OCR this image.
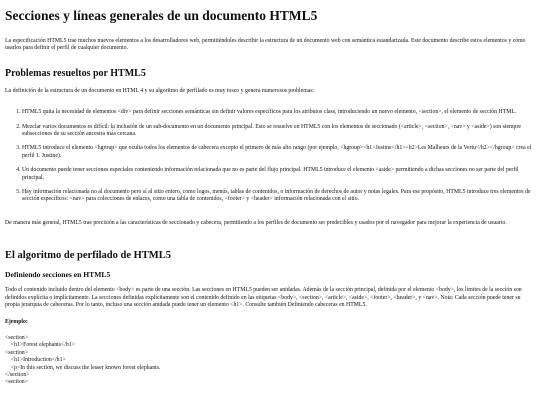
Secciones y líneas generales de un documento HTML5

La especificación HTML5 trae muchos nuevos elementos a los desarrolladores web, permitiéndoles describir la estructura de un documento web con semántica estandarizada. Este documento describe estos elementos y cómo usarlos para definir el perfil de cualquier documento.

Problemas resueltos por HTML5

La definición de la estructura de un documento en HTML 4 y su algoritmo de perfilado es muy tosco y genera numerosos problemas:

1. HTML5 quita la necesidad de elementos <div> para definir secciones semánticas sin definir valores específicos para los atributos class, introduciendo un nuevo elemento, <section>, el elemento de sección HTML.
2. Mezclar varios documentos es difícil: la inclusión de un sub-documento en un documento principal. Esto se resuelve en HTML5 con los elementos de seccionado (<article>, <section>, <nav> y <aside>) son siempre subsecciones de su sección ancestra más cercana.
3. HTML5 introduce el elemento <hgroup> que oculta todos los elementos de cabecera excepto el primero de más alto rango (por ejemplo, <hgroup><h1>Justine</h1><h2>Les Malheurs de la Vertu</h2></hgroup> crea el perfil 1. Justine).
4. Un documento puede tener secciones especiales conteniendo información relacionada que no es parte del flujo principal. HTML5 introduce el elemento <aside> permitiendo a dichas secciones no ser parte del perfil principal.
5. Hay información relacionada no al documento pero sí al sitio entero, como logos, menús, tablas de contenidos, o información de derechos de autor y notas legales. Para ese propósito, HTML5 introduce tres elementos de sección específicos: <nav> para colecciones de enlaces, como una tabla de contenidos, <footer> y <header> información relacionada con el sitio.

De manera más general, HTML5 trae precisión a las características de seccionado y cabecera, permitiendo a los perfiles de documento ser predecibles y usados por el navegador para mejorar la experiencia de usuario.

El algoritmo de perfilado de HTML5
Definiendo secciones en HTML5

Todo el contenido incluido dentro del elemento <body> es parte de una sección. Las secciones en HTML5 pueden ser anidadas. Además de la sección principal, definida por el elemento <body>, los límites de la sección son definidos explícita o implícitamente. La secciones definidas explícitamente son el contenido definido en las etiquetas <body>, <section>, <article>, <aside>, <footer>, <header>, y <nav>. Nota: Cada sección puede tener su propia jerarquía de cabeceras. Por lo tanto, incluso una sección anidada puede tener un elemento <h1>. Consulte también Definiendo cabeceras en HTML5.

Ejemplo:

<section>
<h1>Forest elephants</h1>
<section>
<h1>Introduction</h1>
<p>In this section, we discuss the lesser known forest elephants.
</section>
<section>
